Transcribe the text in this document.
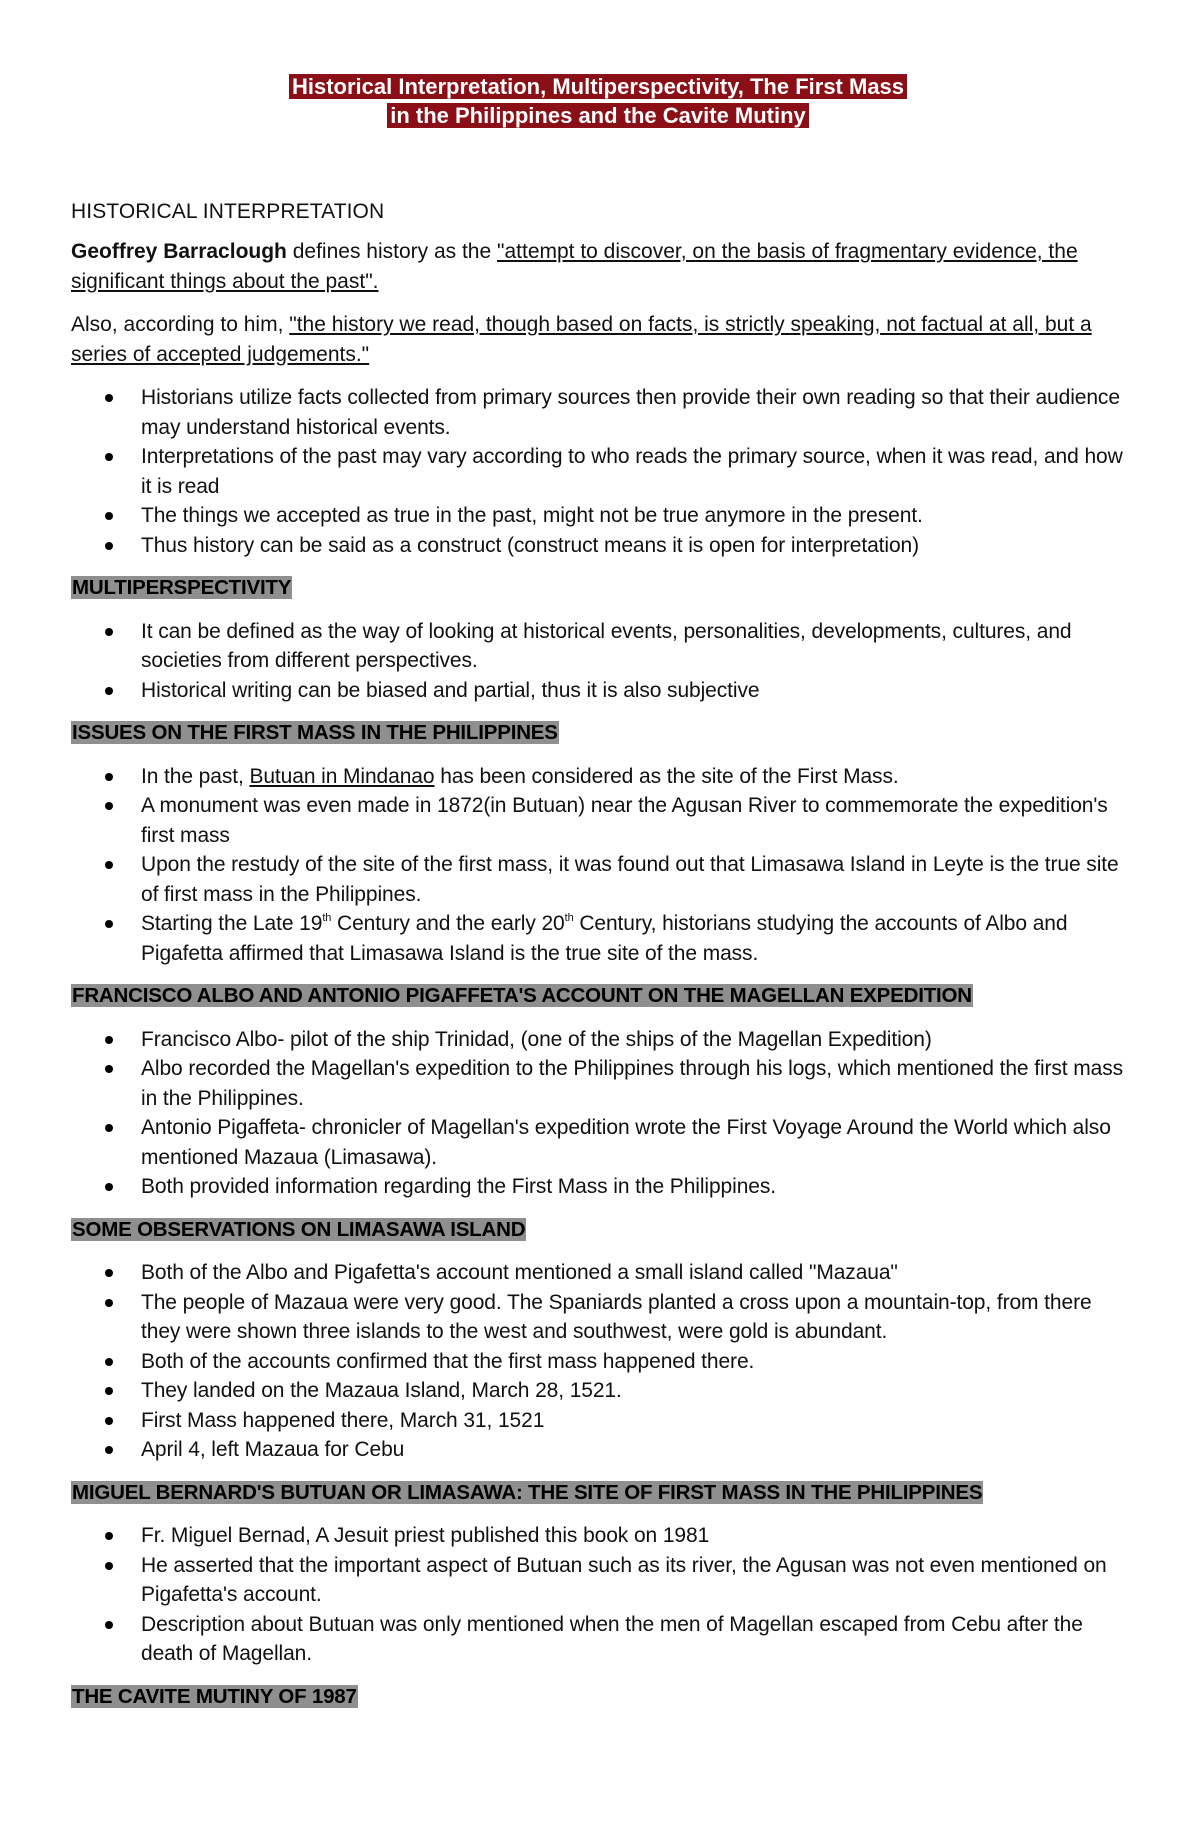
Historical Interpretation, Multiperspectivity, The First Mass
in the Philippines and the Cavite Mutiny
HISTORICAL INTERPRETATION

Geoffrey Barraclough defines history as the "attempt to discover, on the basis of fragmentary evidence, the significant things about the past".

Also, according to him, "the history we read, though based on facts, is strictly speaking, not factual at all, but a series of accepted judgements."

Historians utilize facts collected from primary sources then provide their own reading so that their audience may understand historical events.
Interpretations of the past may vary according to who reads the primary source, when it was read, and how it is read
The things we accepted as true in the past, might not be true anymore in the present.
Thus history can be said as a construct (construct means it is open for interpretation)
MULTIPERSPECTIVITY
It can be defined as the way of looking at historical events, personalities, developments, cultures, and societies from different perspectives.
Historical writing can be biased and partial, thus it is also subjective
ISSUES ON THE FIRST MASS IN THE PHILIPPINES
In the past, Butuan in Mindanao has been considered as the site of the First Mass.
A monument was even made in 1872(in Butuan) near the Agusan River to commemorate the expedition's first mass
Upon the restudy of the site of the first mass, it was found out that Limasawa Island in Leyte is the true site of first mass in the Philippines.
Starting the Late 19th Century and the early 20th Century, historians studying the accounts of Albo and Pigafetta affirmed that Limasawa Island is the true site of the mass.
FRANCISCO ALBO AND ANTONIO PIGAFFETA'S ACCOUNT ON THE MAGELLAN EXPEDITION
Francisco Albo- pilot of the ship Trinidad, (one of the ships of the Magellan Expedition)
Albo recorded the Magellan's expedition to the Philippines through his logs, which mentioned the first mass in the Philippines.
Antonio Pigaffeta- chronicler of Magellan's expedition wrote the First Voyage Around the World which also mentioned Mazaua (Limasawa).
Both provided information regarding the First Mass in the Philippines.
SOME OBSERVATIONS ON LIMASAWA ISLAND
Both of the Albo and Pigafetta's account mentioned a small island called "Mazaua"
The people of Mazaua were very good. The Spaniards planted a cross upon a mountain-top, from there they were shown three islands to the west and southwest, were gold is abundant.
Both of the accounts confirmed that the first mass happened there.
They landed on the Mazaua Island, March 28, 1521.
First Mass happened there, March 31, 1521
April 4, left Mazaua for Cebu
MIGUEL BERNARD'S BUTUAN OR LIMASAWA: THE SITE OF FIRST MASS IN THE PHILIPPINES
Fr. Miguel Bernad, A Jesuit priest published this book on 1981
He asserted that the important aspect of Butuan such as its river, the Agusan was not even mentioned on Pigafetta's account.
Description about Butuan was only mentioned when the men of Magellan escaped from Cebu after the death of Magellan.
THE CAVITE MUTINY OF 1987
